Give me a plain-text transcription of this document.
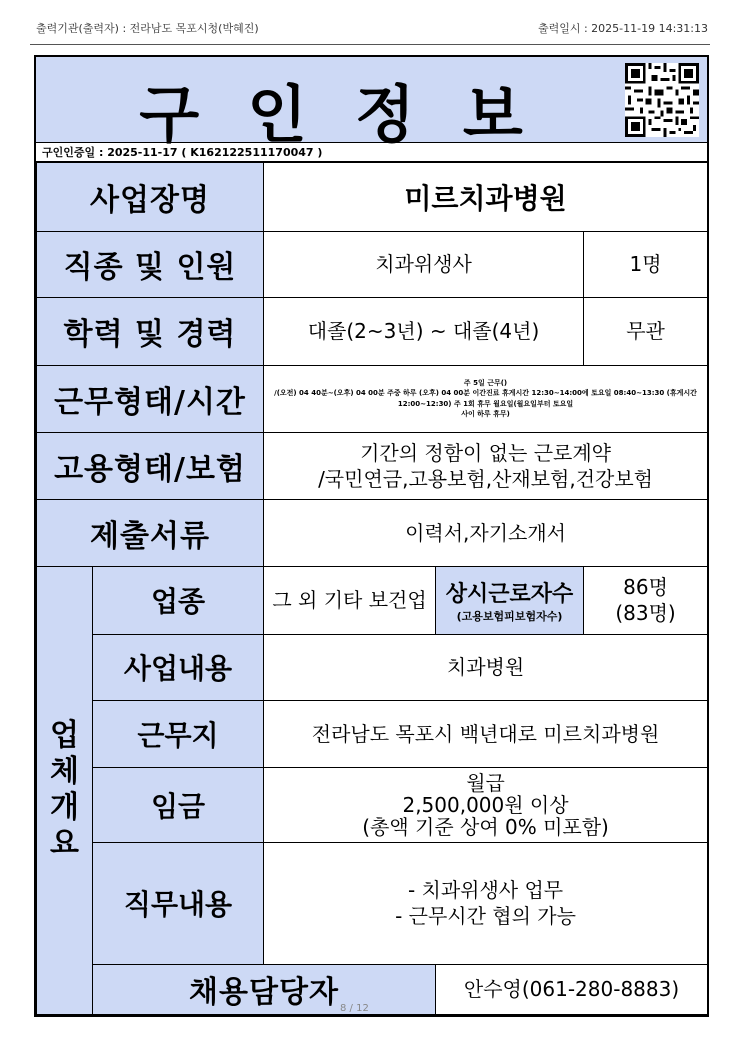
출력기관(출력자) : 전라남도 목포시청(박혜진)	출력일시 : 2025-11-19 14:31:13
구인정보
구인인증일 : 2025-11-17 ( K162122511170047 )
사업장명		미르치과병원		
직종 및 인원		치과위생사		1명
학력 및 경력		대졸(2~3년) ~ 대졸(4년)		무관
근무형태/시간		주 5일 근무()
/(오전) 04 40분~(오후) 04 00분 주중 하루 (오후) 04 00분 이간진료 휴게시간 12:30~14:00에 토요일 08:40~13:30 (휴게시간 12:00~12:30) 주 1회 휴무 월요일(월요일부터 토요일
사이 하루 휴무)		

고용형태/보험		기간의 정함이 없는 근로계약
/국민연금,고용보험,산재보험,건강보험		

제출서류		이력서,자기소개서		

업체개요	업종	그 외 기타 보건업	상시근로자수
(고용보험피보험자수)	86명
(83명)

	사업내용	치과병원		
	근무지	전라남도 목포시 백년대로 미르치과병원		
	임금	월급
2,500,000원 이상
(총액 기준 상여 0% 미포함)		

	직무내용	- 치과위생사 업무
- 근무시간 협의 가능		

	채용담당자		안수영(061-280-8883)	
8 / 12
